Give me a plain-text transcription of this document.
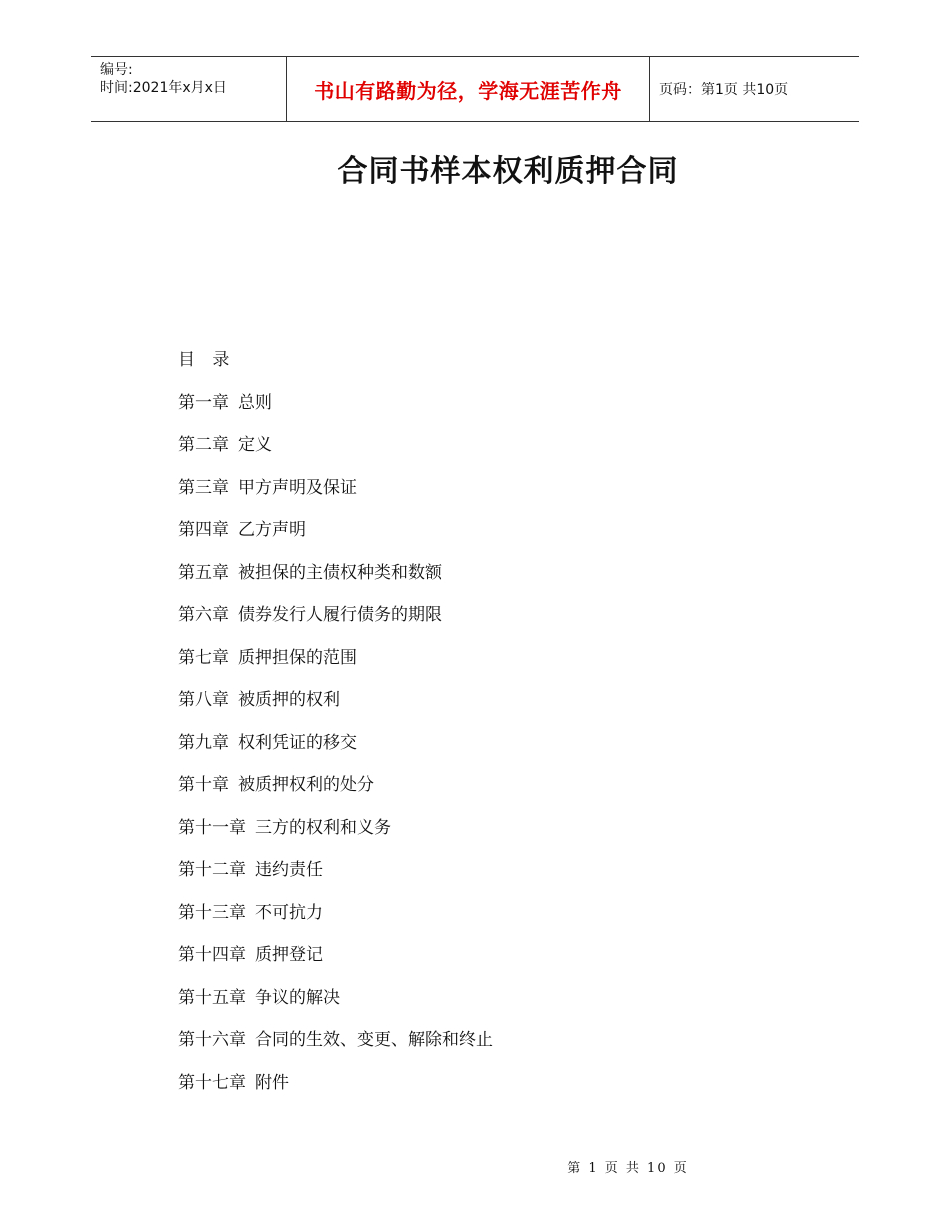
编号:
时间:2021年x月x日	书山有路勤为径，学海无涯苦作舟	页码：第1页 共10页
合同书样本权利质押合同
目 录
第一章 总则
第二章 定义
第三章 甲方声明及保证
第四章 乙方声明
第五章 被担保的主债权种类和数额
第六章 债券发行人履行债务的期限
第七章 质押担保的范围
第八章 被质押的权利
第九章 权利凭证的移交
第十章 被质押权利的处分
第十一章 三方的权利和义务
第十二章 违约责任
第十三章 不可抗力
第十四章 质押登记
第十五章 争议的解决
第十六章 合同的生效、变更、解除和终止
第十七章 附件
第 1 页 共 10 页
